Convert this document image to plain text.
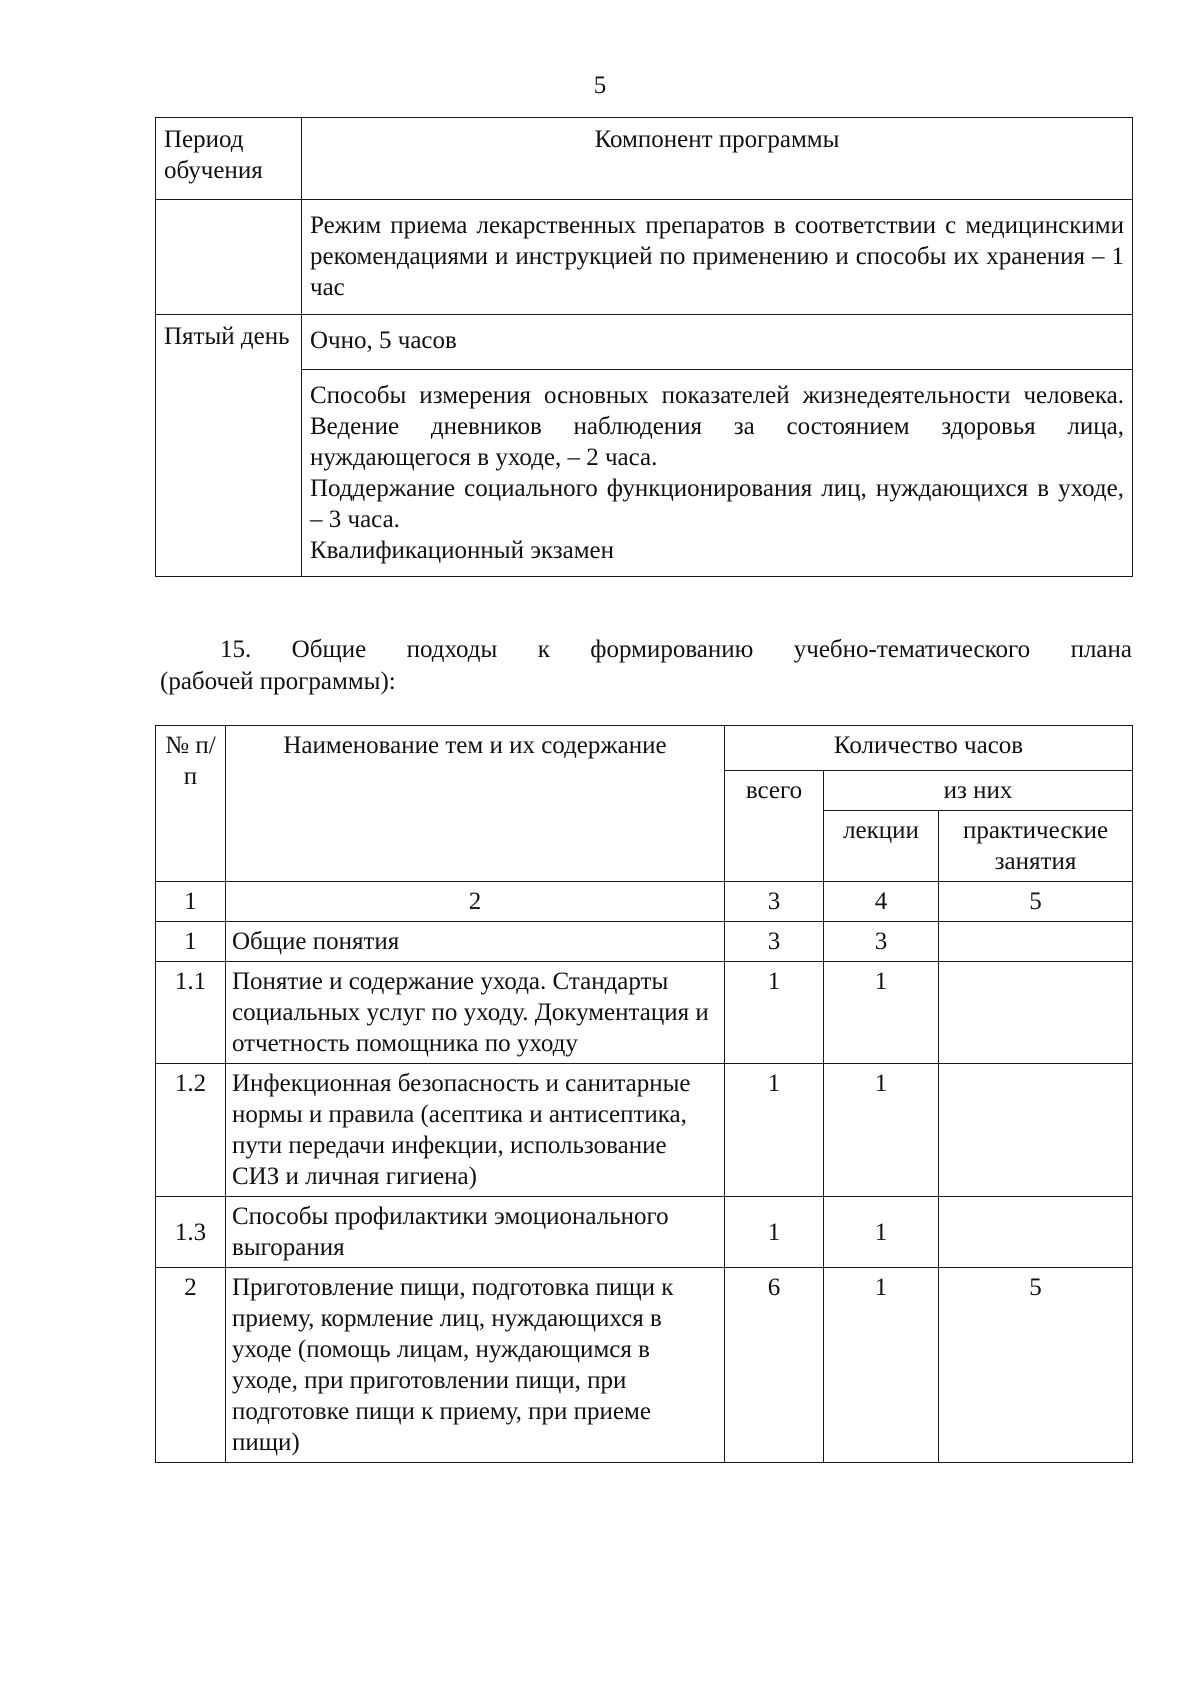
5
Период обучения	Компонент программы
	Режим приема лекарственных препаратов в соответствии с медицинскими рекомендациями и инструкцией по применению и способы их хранения – 1 час
Пятый день	Очно, 5 часов

	Способы измерения основных показателей жизнедеятельности человека. Ведение дневников наблюдения за состоянием здоровья лица, нуждающегося в уходе, – 2 часа.
Поддержание социального функционирования лиц, нуждающихся в уходе, – 3 часа.
Квалификационный экзамен
15. Общие подходы к формированию учебно-тематического плана
(рабочей программы):
№ п/п	Наименование тем и их содержание	Количество часов		
		всего	из них	
			лекции	практические занятия
1	2	3	4	5
1	Общие понятия	3	3	
1.1	Понятие и содержание ухода. Стандарты социальных услуг по уходу. Документация и отчетность помощника по уходу	1	1	
1.2	Инфекционная безопасность и санитарные нормы и правила (асептика и антисептика, пути передачи инфекции, использование СИЗ и личная гигиена)	1	1	
1.3	Способы профилактики эмоционального выгорания	1	1	
2	Приготовление пищи, подготовка пищи к приему, кормление лиц, нуждающихся в уходе (помощь лицам, нуждающимся в уходе, при приготовлении пищи, при подготовке пищи к приему, при приеме пищи)	6	1	5
